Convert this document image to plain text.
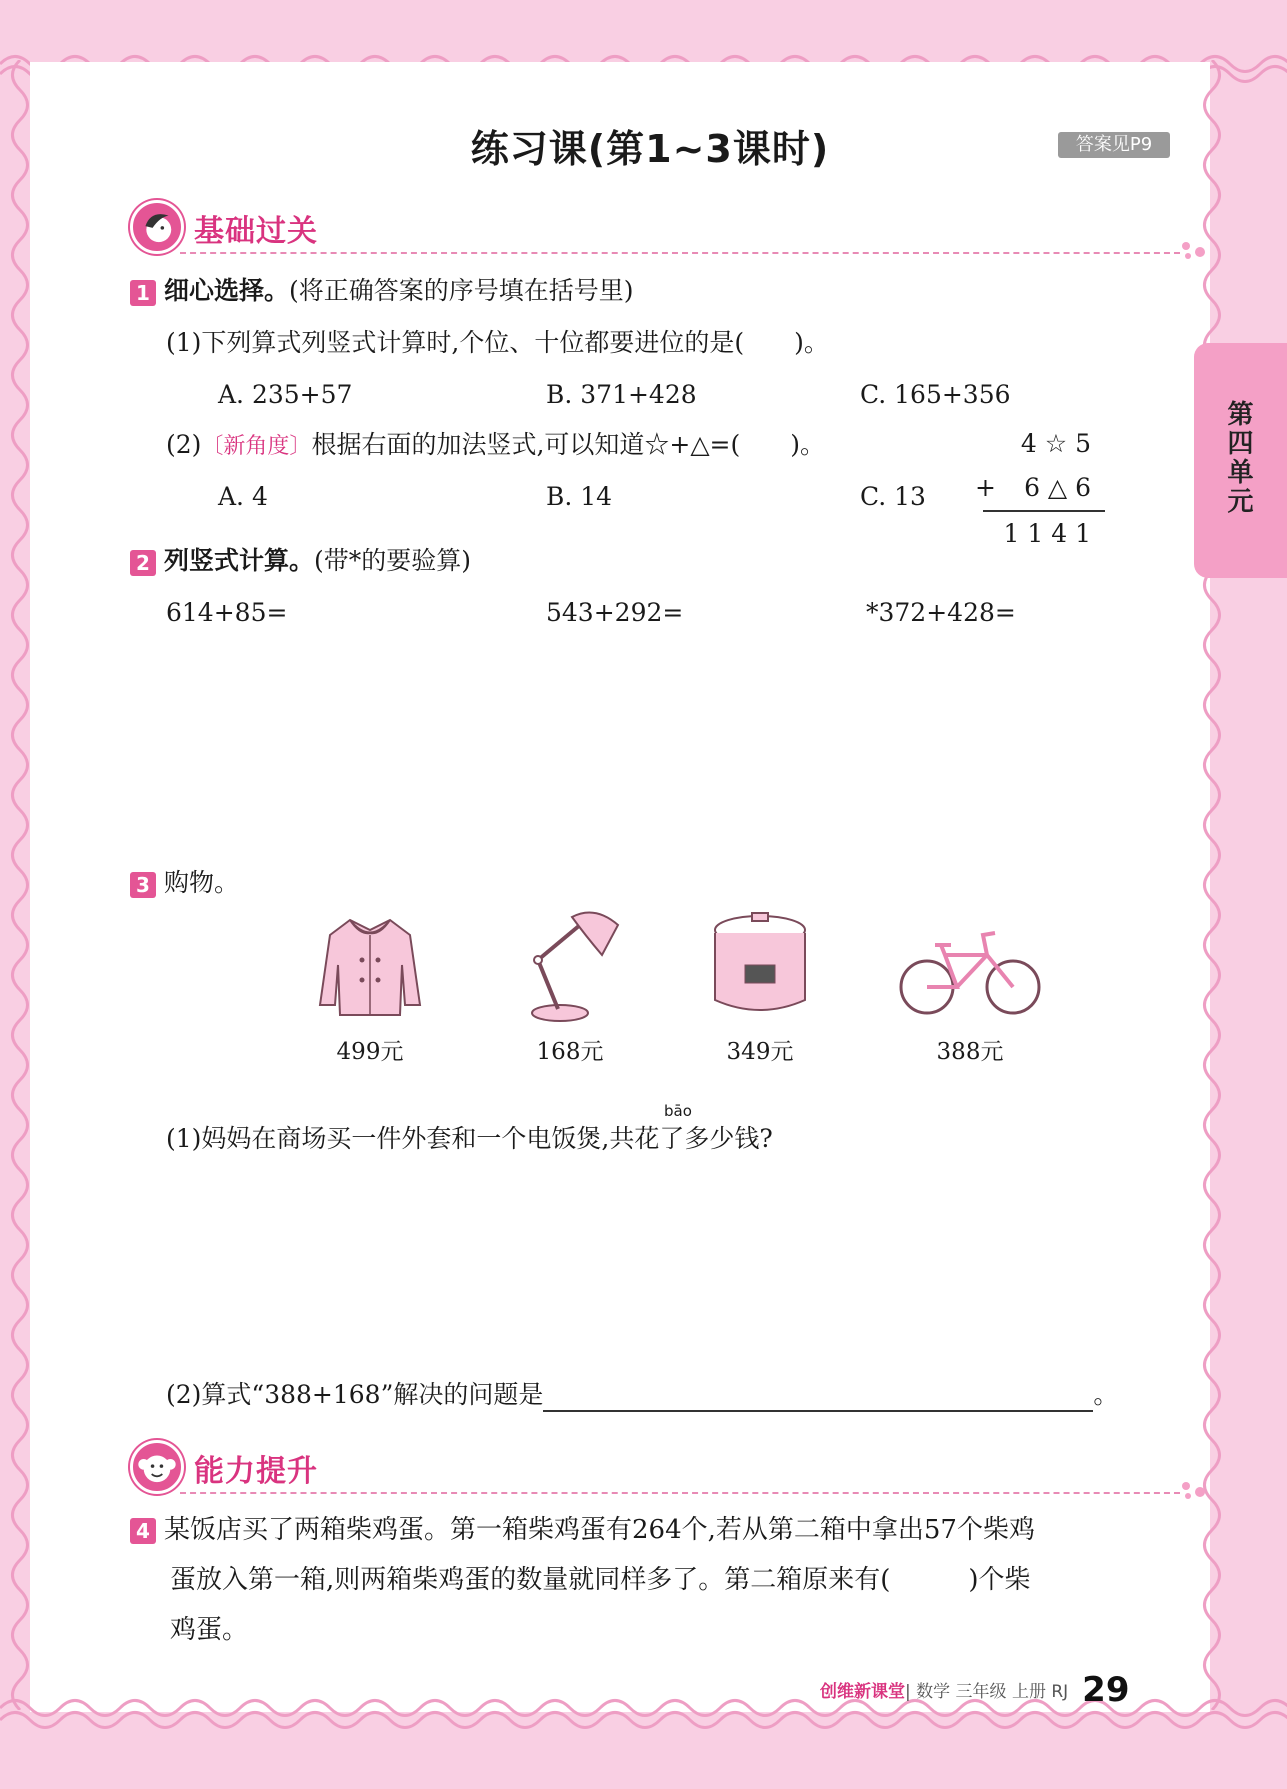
练习课(第1~3课时)	答案见P9
第四单元
基础过关
1 细心选择。(将正确答案的序号填在括号里)
(1)下列算式列竖式计算时,个位、十位都要进位的是(　　)。
A. 235+57	B. 371+428	C. 165+356
(2)〔新角度〕根据右面的加法竖式,可以知道☆+△=(　　)。
A. 4	B. 14	C. 13
4 ☆ 5
+ 6 △ 6
1 1 4 1
2 列竖式计算。(带*的要验算)
614+85=	543+292=	*372+428=
3 购物。
499元	168元	349元	388元
bāo
(1)妈妈在商场买一件外套和一个电饭煲,共花了多少钱?
(2)算式“388+168”解决的问题是	。
能力提升
4 某饭店买了两箱柴鸡蛋。第一箱柴鸡蛋有264个,若从第二箱中拿出57个柴鸡
蛋放入第一箱,则两箱柴鸡蛋的数量就同样多了。第二箱原来有(　　　)个柴
鸡蛋。
创维新课堂| 数学 三年级 上册 RJ 29
